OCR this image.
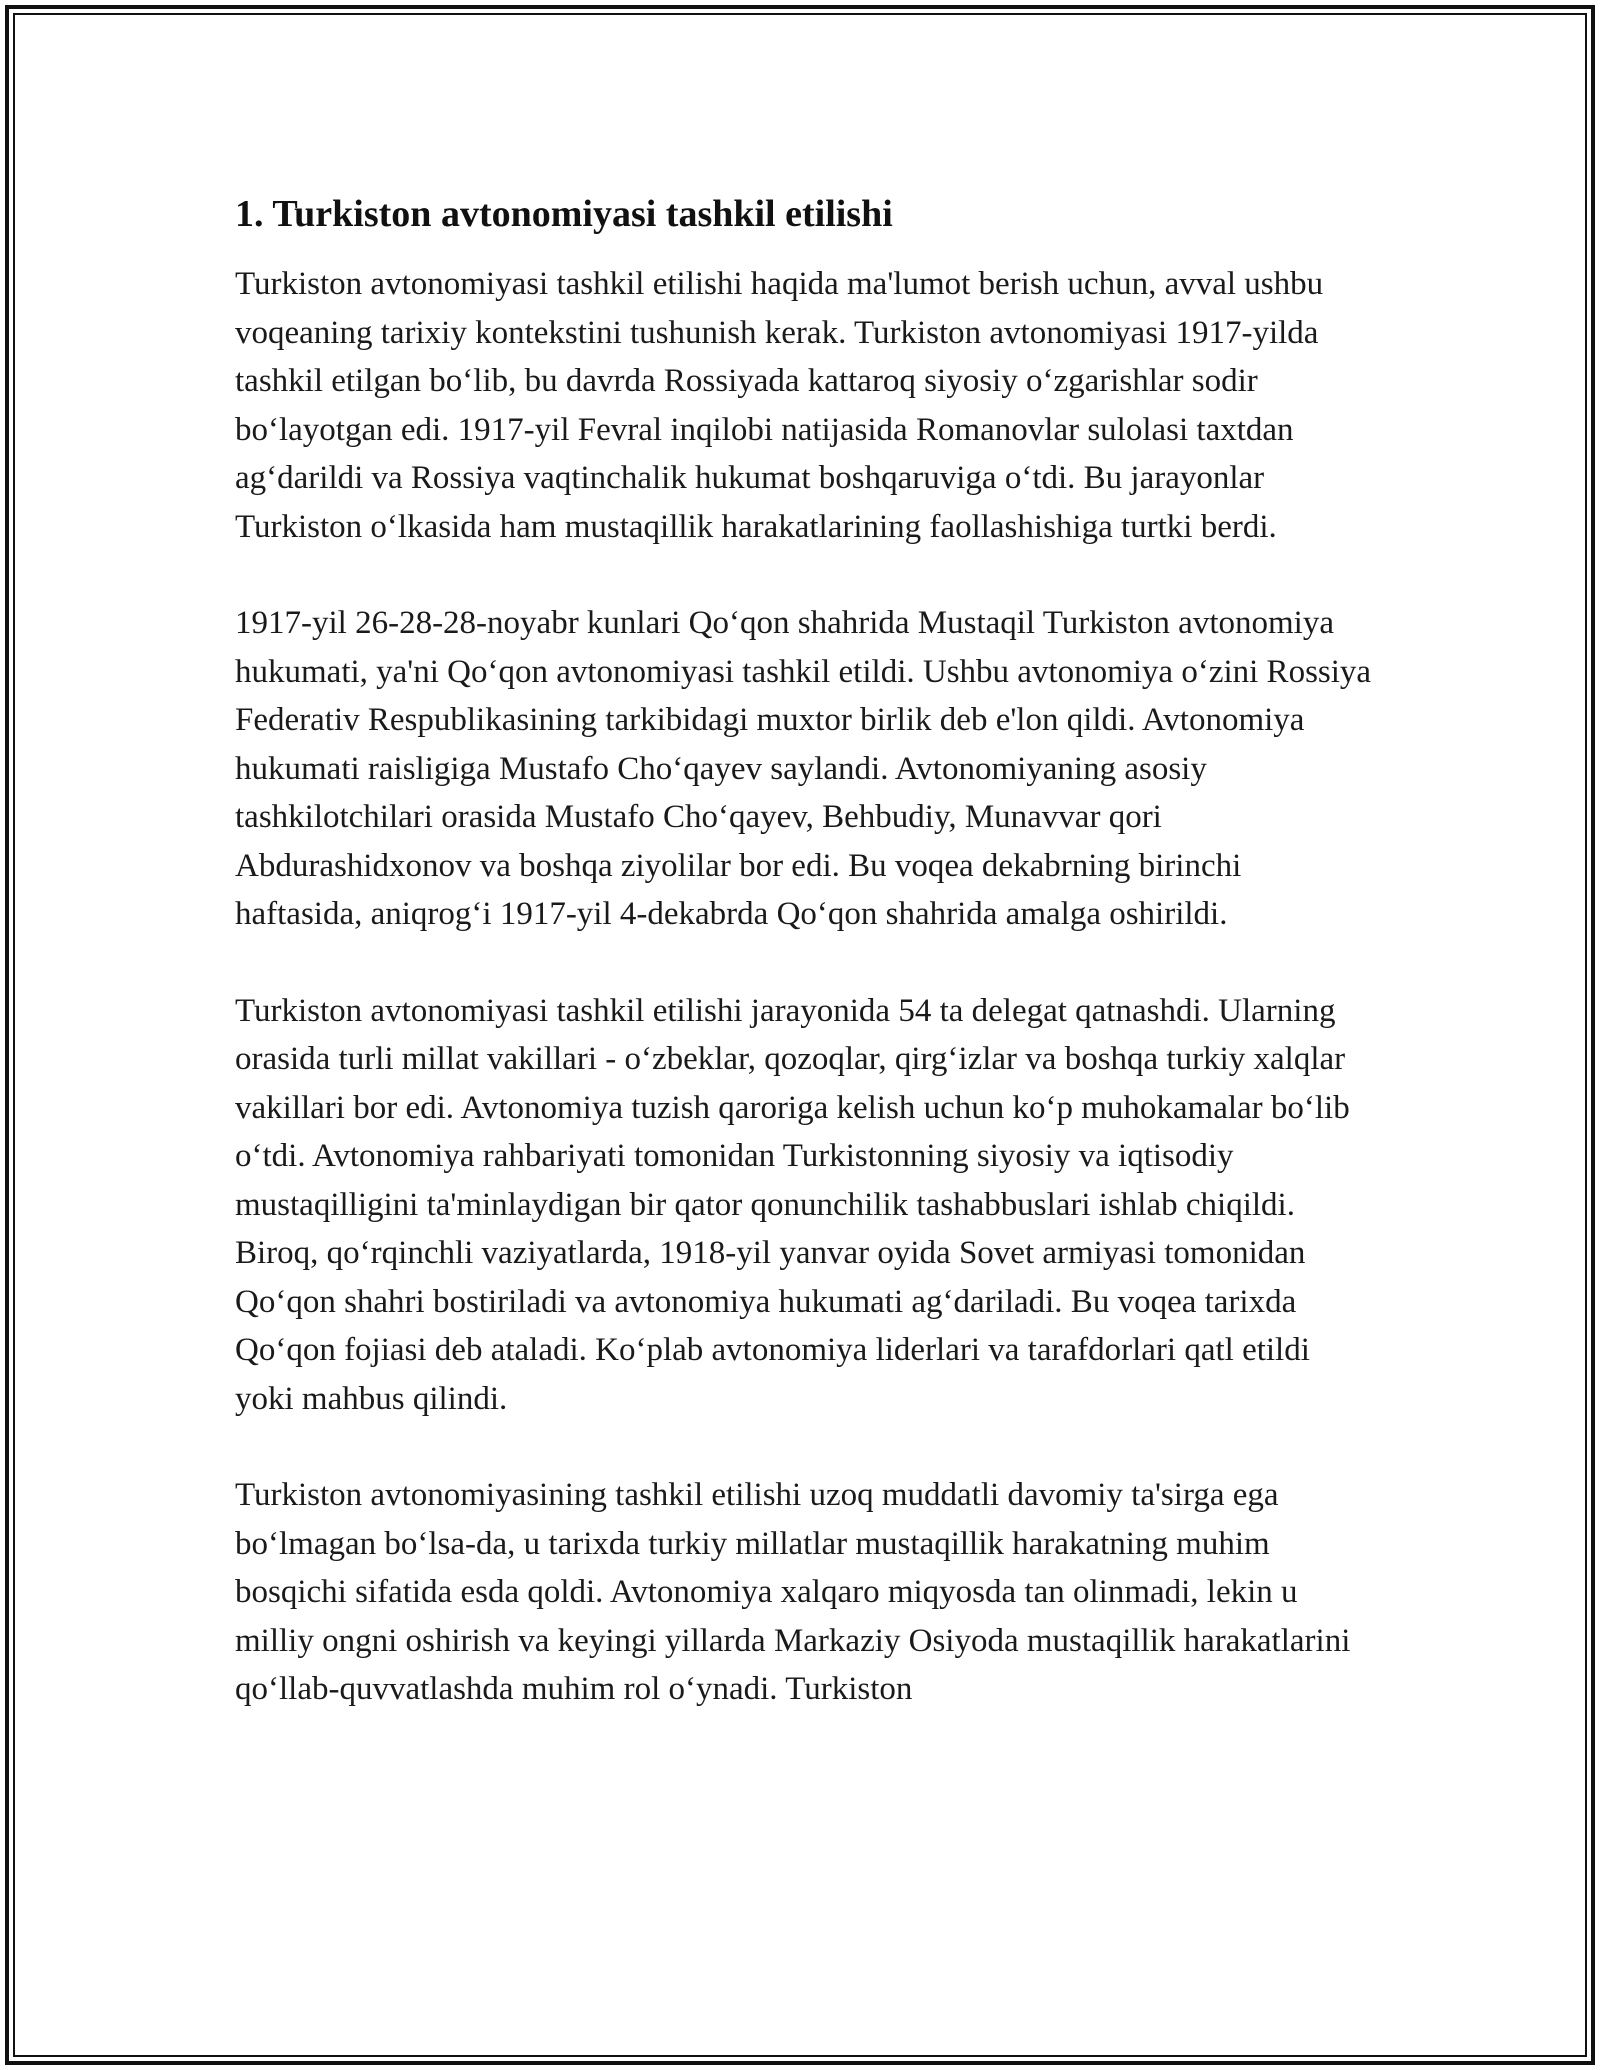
1. Turkiston avtonomiyasi tashkil etilishi

Turkiston avtonomiyasi tashkil etilishi haqida ma'lumot berish uchun, avval ushbu voqeaning tarixiy kontekstini tushunish kerak. Turkiston avtonomiyasi 1917-yilda tashkil etilgan bo‘lib, bu davrda Rossiyada kattaroq siyosiy o‘zgarishlar sodir bo‘layotgan edi. 1917-yil Fevral inqilobi natijasida Romanovlar sulolasi taxtdan ag‘darildi va Rossiya vaqtinchalik hukumat boshqaruviga o‘tdi. Bu jarayonlar Turkiston o‘lkasida ham mustaqillik harakatlarining faollashishiga turtki berdi.

1917-yil 26-28-28-noyabr kunlari Qo‘qon shahrida Mustaqil Turkiston avtonomiya hukumati, ya'ni Qo‘qon avtonomiyasi tashkil etildi. Ushbu avtonomiya o‘zini Rossiya Federativ Respublikasining tarkibidagi muxtor birlik deb e'lon qildi. Avtonomiya hukumati raisligiga Mustafo Cho‘qayev saylandi. Avtonomiyaning asosiy tashkilotchilari orasida Mustafo Cho‘qayev, Behbudiy, Munavvar qori Abdurashidxonov va boshqa ziyolilar bor edi. Bu voqea dekabrning birinchi haftasida, aniqrog‘i 1917-yil 4-dekabrda Qo‘qon shahrida amalga oshirildi.

Turkiston avtonomiyasi tashkil etilishi jarayonida 54 ta delegat qatnashdi. Ularning orasida turli millat vakillari - o‘zbeklar, qozoqlar, qirg‘izlar va boshqa turkiy xalqlar vakillari bor edi. Avtonomiya tuzish qaroriga kelish uchun ko‘p muhokamalar bo‘lib o‘tdi. Avtonomiya rahbariyati tomonidan Turkistonning siyosiy va iqtisodiy mustaqilligini ta'minlaydigan bir qator qonunchilik tashabbuslari ishlab chiqildi. Biroq, qo‘rqinchli vaziyatlarda, 1918-yil yanvar oyida Sovet armiyasi tomonidan Qo‘qon shahri bostiriladi va avtonomiya hukumati ag‘dariladi. Bu voqea tarixda Qo‘qon fojiasi deb ataladi. Ko‘plab avtonomiya liderlari va tarafdorlari qatl etildi yoki mahbus qilindi.

Turkiston avtonomiyasining tashkil etilishi uzoq muddatli davomiy ta'sirga ega bo‘lmagan bo‘lsa-da, u tarixda turkiy millatlar mustaqillik harakatning muhim bosqichi sifatida esda qoldi. Avtonomiya xalqaro miqyosda tan olinmadi, lekin u milliy ongni oshirish va keyingi yillarda Markaziy Osiyoda mustaqillik harakatlarini qo‘llab-quvvatlashda muhim rol o‘ynadi. Turkiston
